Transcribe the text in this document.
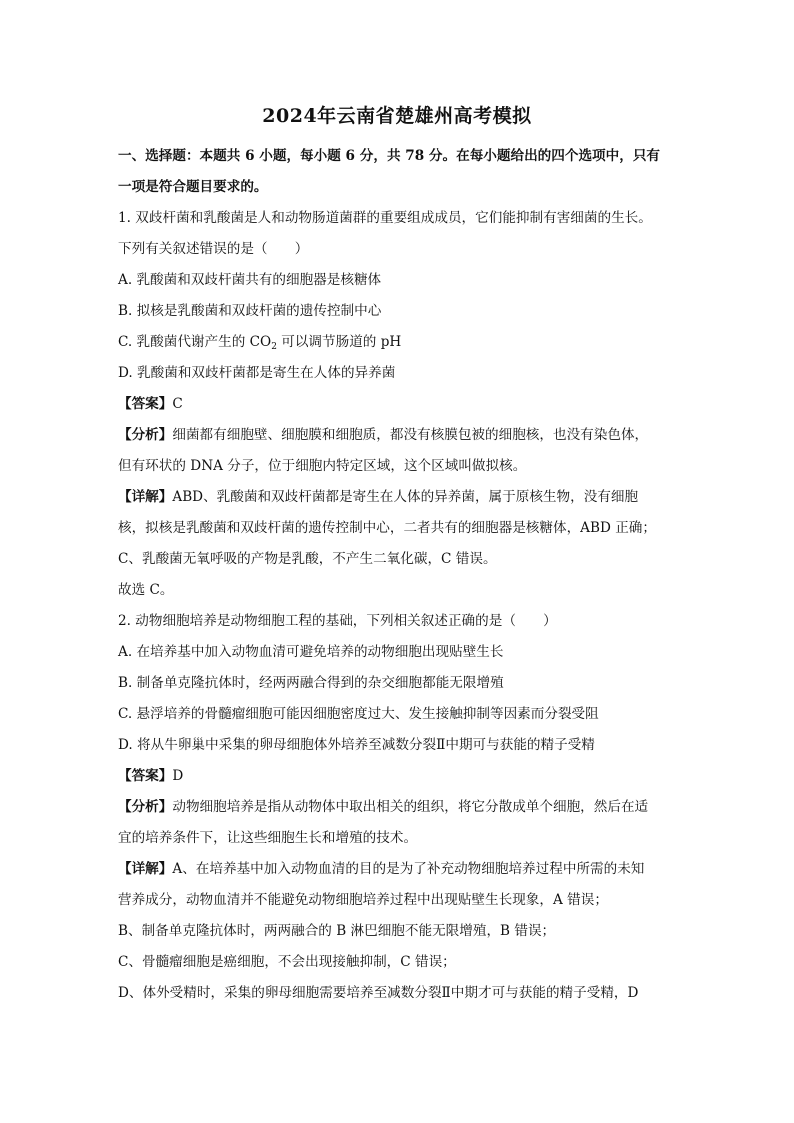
2024年云南省楚雄州高考模拟

一、选择题：本题共 6 小题，每小题 6 分，共 78 分。在每小题给出的四个选项中，只有

一项是符合题目要求的。

1. 双歧杆菌和乳酸菌是人和动物肠道菌群的重要组成成员，它们能抑制有害细菌的生长。

下列有关叙述错误的是（　　）

A. 乳酸菌和双歧杆菌共有的细胞器是核糖体

B. 拟核是乳酸菌和双歧杆菌的遗传控制中心

C. 乳酸菌代谢产生的 $CO_2$ 可以调节肠道的 pH

D. 乳酸菌和双歧杆菌都是寄生在人体的异养菌

【答案】C

【分析】细菌都有细胞壁、细胞膜和细胞质，都没有核膜包被的细胞核，也没有染色体，

但有环状的 DNA 分子，位于细胞内特定区域，这个区域叫做拟核。

【详解】ABD、乳酸菌和双歧杆菌都是寄生在人体的异养菌，属于原核生物，没有细胞

核，拟核是乳酸菌和双歧杆菌的遗传控制中心，二者共有的细胞器是核糖体，ABD 正确；

C、乳酸菌无氧呼吸的产物是乳酸，不产生二氧化碳，C 错误。

故选 C。

2. 动物细胞培养是动物细胞工程的基础，下列相关叙述正确的是（　　）

A. 在培养基中加入动物血清可避免培养的动物细胞出现贴壁生长

B. 制备单克隆抗体时，经两两融合得到的杂交细胞都能无限增殖

C. 悬浮培养的骨髓瘤细胞可能因细胞密度过大、发生接触抑制等因素而分裂受阻

D. 将从牛卵巢中采集的卵母细胞体外培养至减数分裂Ⅱ中期可与获能的精子受精

【答案】D

【分析】动物细胞培养是指从动物体中取出相关的组织，将它分散成单个细胞，然后在适

宜的培养条件下，让这些细胞生长和增殖的技术。

【详解】A、在培养基中加入动物血清的目的是为了补充动物细胞培养过程中所需的未知

营养成分，动物血清并不能避免动物细胞培养过程中出现贴壁生长现象，A 错误；

B、制备单克隆抗体时，两两融合的 B 淋巴细胞不能无限增殖，B 错误；

C、骨髓瘤细胞是癌细胞，不会出现接触抑制，C 错误；

D、体外受精时，采集的卵母细胞需要培养至减数分裂Ⅱ中期才可与获能的精子受精，D
